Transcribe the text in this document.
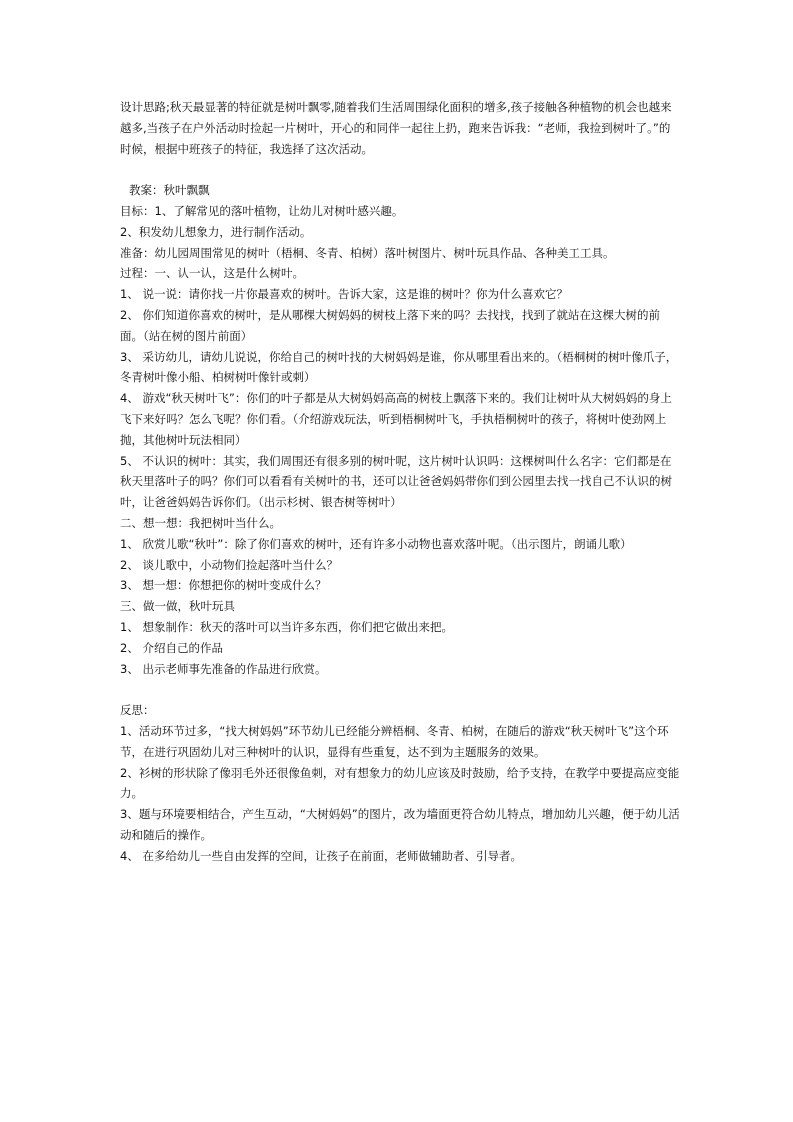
设计思路;秋天最显著的特征就是树叶飘零,随着我们生活周围绿化面积的增多,孩子接触各种植物的机会也越来越多,当孩子在户外活动时捡起一片树叶，开心的和同伴一起往上扔，跑来告诉我：“老师，我捡到树叶了。”的时候，根据中班孩子的特征，我选择了这次活动。

教案：秋叶飘飘

目标：1、了解常见的落叶植物，让幼儿对树叶感兴趣。

2、积发幼儿想象力，进行制作活动。

准备：幼儿园周围常见的树叶（梧桐、冬青、柏树）落叶树图片、树叶玩具作品、各种美工工具。

过程：一、认一认，这是什么树叶。

1、 说一说：请你找一片你最喜欢的树叶。告诉大家，这是谁的树叶？你为什么喜欢它？

2、 你们知道你喜欢的树叶，是从哪棵大树妈妈的树枝上落下来的吗？去找找，找到了就站在这棵大树的前面。（站在树的图片前面）

3、 采访幼儿，请幼儿说说，你给自己的树叶找的大树妈妈是谁，你从哪里看出来的。（梧桐树的树叶像爪子，冬青树叶像小船、柏树树叶像针或刺）

4、 游戏“秋天树叶飞”：你们的叶子都是从大树妈妈高高的树枝上飘落下来的。我们让树叶从大树妈妈的身上飞下来好吗？怎么飞呢？你们看。（介绍游戏玩法，听到梧桐树叶飞，手执梧桐树叶的孩子，将树叶使劲网上抛，其他树叶玩法相同）

5、 不认识的树叶：其实，我们周围还有很多别的树叶呢，这片树叶认识吗：这棵树叫什么名字：它们都是在秋天里落叶子的吗？你们可以看看有关树叶的书，还可以让爸爸妈妈带你们到公园里去找一找自己不认识的树叶，让爸爸妈妈告诉你们。（出示杉树、银杏树等树叶）

二、想一想：我把树叶当什么。

1、 欣赏儿歌“秋叶”：除了你们喜欢的树叶，还有许多小动物也喜欢落叶呢。（出示图片，朗诵儿歌）

2、 谈儿歌中，小动物们捡起落叶当什么？

3、 想一想：你想把你的树叶变成什么？

三、做一做，秋叶玩具

1、 想象制作：秋天的落叶可以当许多东西，你们把它做出来把。

2、 介绍自己的作品

3、 出示老师事先准备的作品进行欣赏。

反思：

1、活动环节过多，“找大树妈妈”环节幼儿已经能分辨梧桐、冬青、柏树，在随后的游戏“秋天树叶飞”这个环节，在进行巩固幼儿对三种树叶的认识，显得有些重复，达不到为主题服务的效果。

2、衫树的形状除了像羽毛外还很像鱼刺，对有想象力的幼儿应该及时鼓励，给予支持，在教学中要提高应变能力。

3、题与环境要相结合，产生互动，“大树妈妈”的图片，改为墙面更符合幼儿特点，增加幼儿兴趣，便于幼儿活动和随后的操作。

4、 在多给幼儿一些自由发挥的空间，让孩子在前面，老师做辅助者、引导者。
